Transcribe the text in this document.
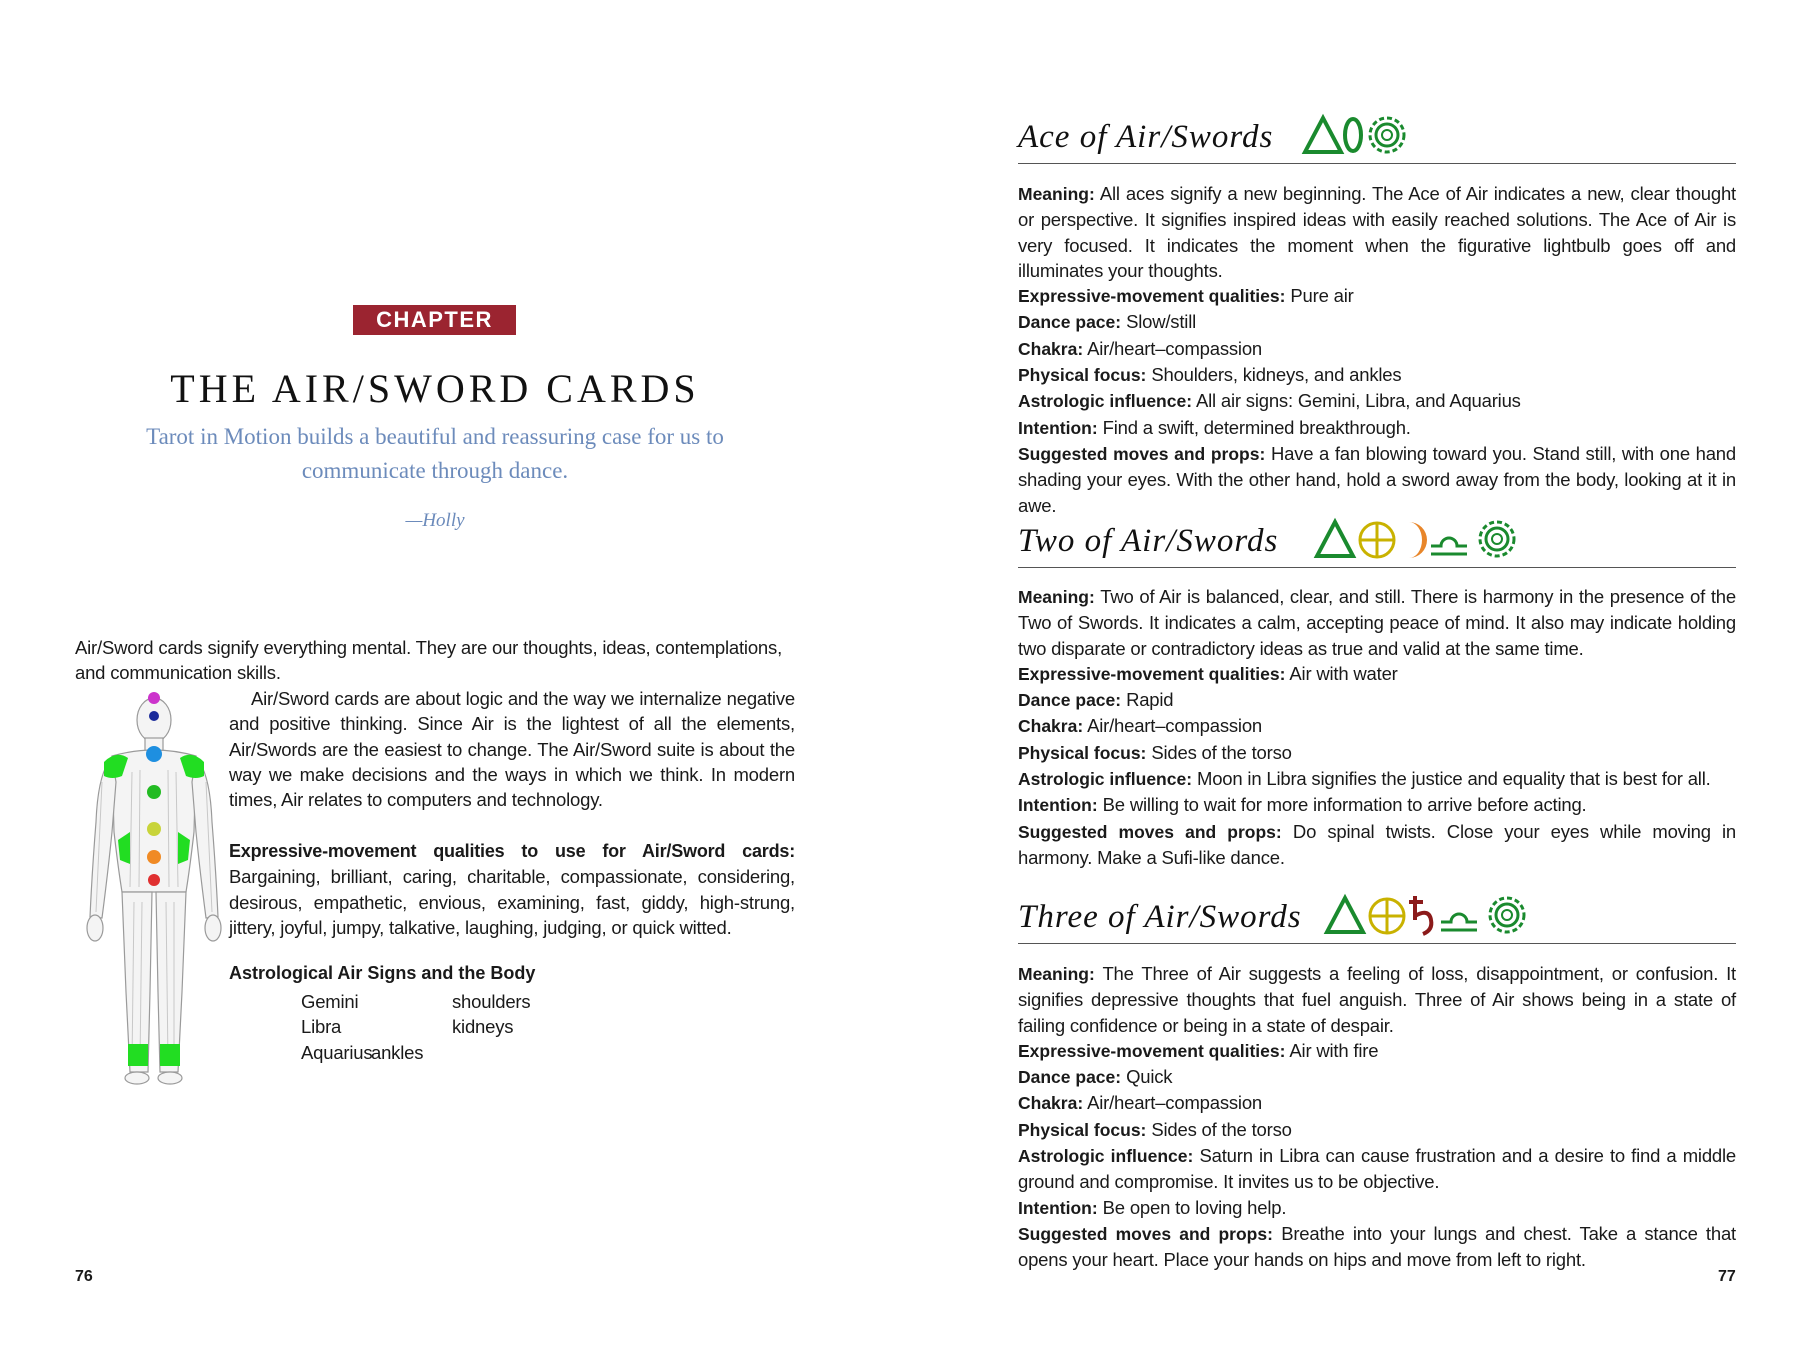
CHAPTER VIII
THE AIR/SWORD CARDS
Tarot in Motion builds a beautiful and reassuring case for us to communicate through dance.
—Holly
Air/Sword cards signify everything mental. They are our thoughts, ideas, contemplations, and communication skills.
Air/Sword cards are about logic and the way we internalize negative and positive thinking. Since Air is the lightest of all the elements, Air/Swords are the easiest to change. The Air/Sword suite is about the way we make decisions and the ways in which we think. In modern times, Air relates to computers and technology.
Expressive-movement qualities to use for Air/Sword cards: Bargaining, brilliant, caring, charitable, compassionate, considering, desirous, empathetic, envious, examining, fast, giddy, high-strung, jittery, joyful, jumpy, talkative, laughing, judging, or quick witted.
Astrological Air Signs and the Body
Gemini	shoulders
Libra	kidneys
Aquarius
ankles
76
Ace of Air/Swords

Meaning: All aces signify a new beginning. The Ace of Air indicates a new, clear thought or perspective. It signifies inspired ideas with easily reached solutions. The Ace of Air is very focused. It indicates the moment when the figurative lightbulb goes off and illuminates your thoughts.

Expressive-movement qualities: Pure air

Dance pace: Slow/still

Chakra: Air/heart–compassion

Physical focus: Shoulders, kidneys, and ankles

Astrologic influence: All air signs: Gemini, Libra, and Aquarius

Intention: Find a swift, determined breakthrough.

Suggested moves and props: Have a fan blowing toward you. Stand still, with one hand shading your eyes. With the other hand, hold a sword away from the body, looking at it in awe.

Two of Air/Swords

Meaning: Two of Air is balanced, clear, and still. There is harmony in the presence of the Two of Swords. It indicates a calm, accepting peace of mind. It also may indicate holding two disparate or contradictory ideas as true and valid at the same time.

Expressive-movement qualities: Air with water

Dance pace: Rapid

Chakra: Air/heart–compassion

Physical focus: Sides of the torso

Astrologic influence: Moon in Libra signifies the justice and equality that is best for all.

Intention: Be willing to wait for more information to arrive before acting.

Suggested moves and props: Do spinal twists. Close your eyes while moving in harmony. Make a Sufi-like dance.

Three of Air/Swords

Meaning: The Three of Air suggests a feeling of loss, disappointment, or confusion. It signifies depressive thoughts that fuel anguish. Three of Air shows being in a state of failing confidence or being in a state of despair.

Expressive-movement qualities: Air with fire

Dance pace: Quick

Chakra: Air/heart–compassion

Physical focus: Sides of the torso

Astrologic influence: Saturn in Libra can cause frustration and a desire to find a middle ground and compromise. It invites us to be objective.

Intention: Be open to loving help.

Suggested moves and props: Breathe into your lungs and chest. Take a stance that opens your heart. Place your hands on hips and move from left to right.

77
